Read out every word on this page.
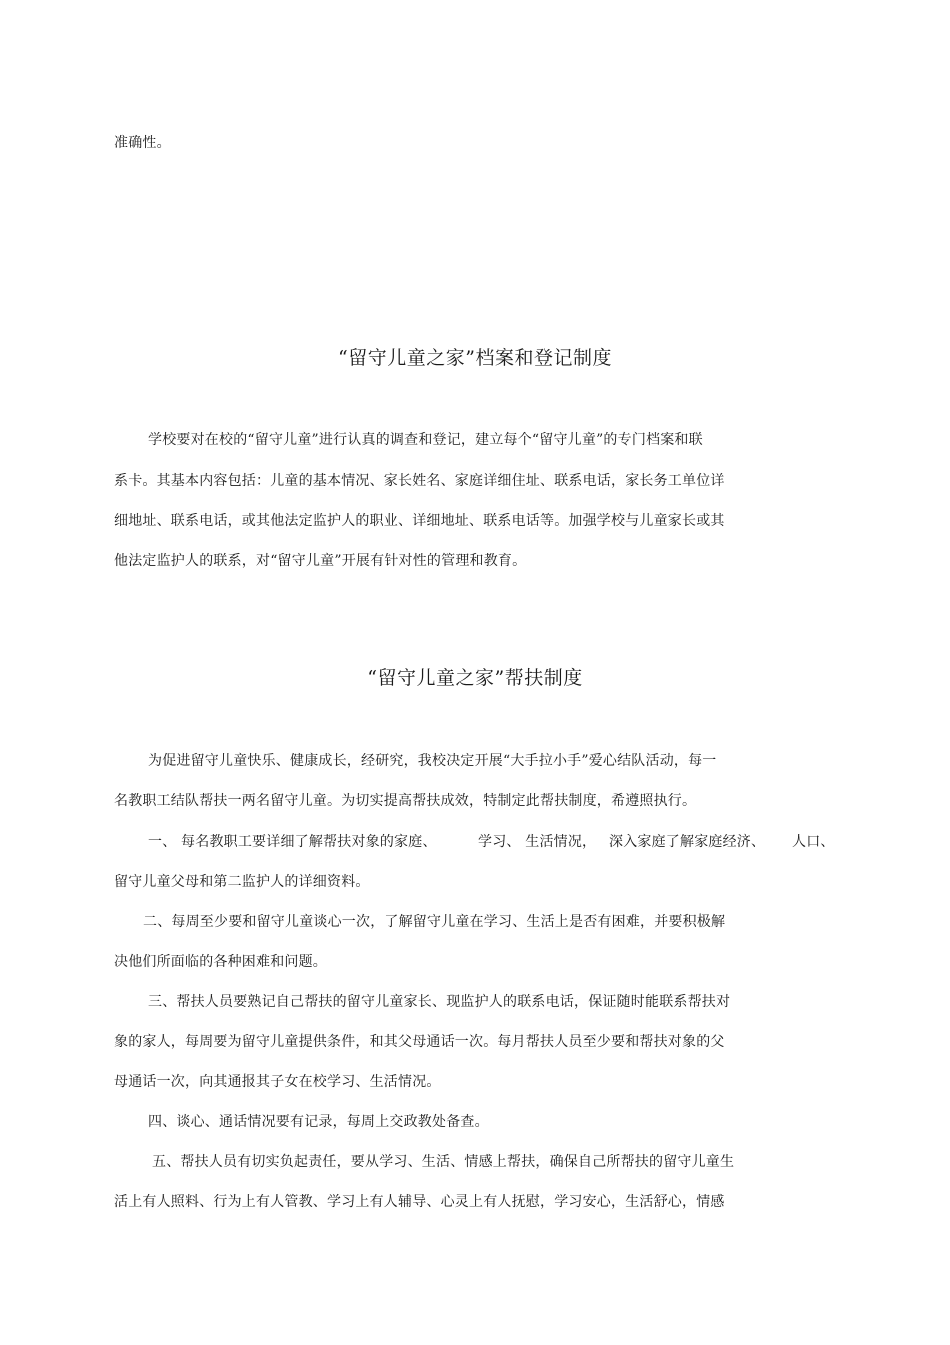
准确性。
“留守儿童之家”档案和登记制度
学校要对在校的“留守儿童”进行认真的调查和登记，建立每个“留守儿童”的专门档案和联
系卡。其基本内容包括：儿童的基本情况、家长姓名、家庭详细住址、联系电话，家长务工单位详
细地址、联系电话，或其他法定监护人的职业、详细地址、联系电话等。加强学校与儿童家长或其
他法定监护人的联系，对“留守儿童”开展有针对性的管理和教育。
“留守儿童之家”帮扶制度
为促进留守儿童快乐、健康成长，经研究，我校决定开展“大手拉小手”爱心结队活动，每一
名教职工结队帮扶一两名留守儿童。为切实提高帮扶成效，特制定此帮扶制度，希遵照执行。
一、 每名教职工要详细了解帮扶对象的家庭、	学习、 生活情况， 深入家庭了解家庭经济、 人口、
留守儿童父母和第二监护人的详细资料。
二、每周至少要和留守儿童谈心一次，了解留守儿童在学习、生活上是否有困难，并要积极解
决他们所面临的各种困难和问题。
三、帮扶人员要熟记自己帮扶的留守儿童家长、现监护人的联系电话，保证随时能联系帮扶对
象的家人，每周要为留守儿童提供条件，和其父母通话一次。每月帮扶人员至少要和帮扶对象的父
母通话一次，向其通报其子女在校学习、生活情况。
四、谈心、通话情况要有记录，每周上交政教处备查。
五、帮扶人员有切实负起责任，要从学习、生活、情感上帮扶，确保自己所帮扶的留守儿童生
活上有人照料、行为上有人管教、学习上有人辅导、心灵上有人抚慰，学习安心，生活舒心，情感
